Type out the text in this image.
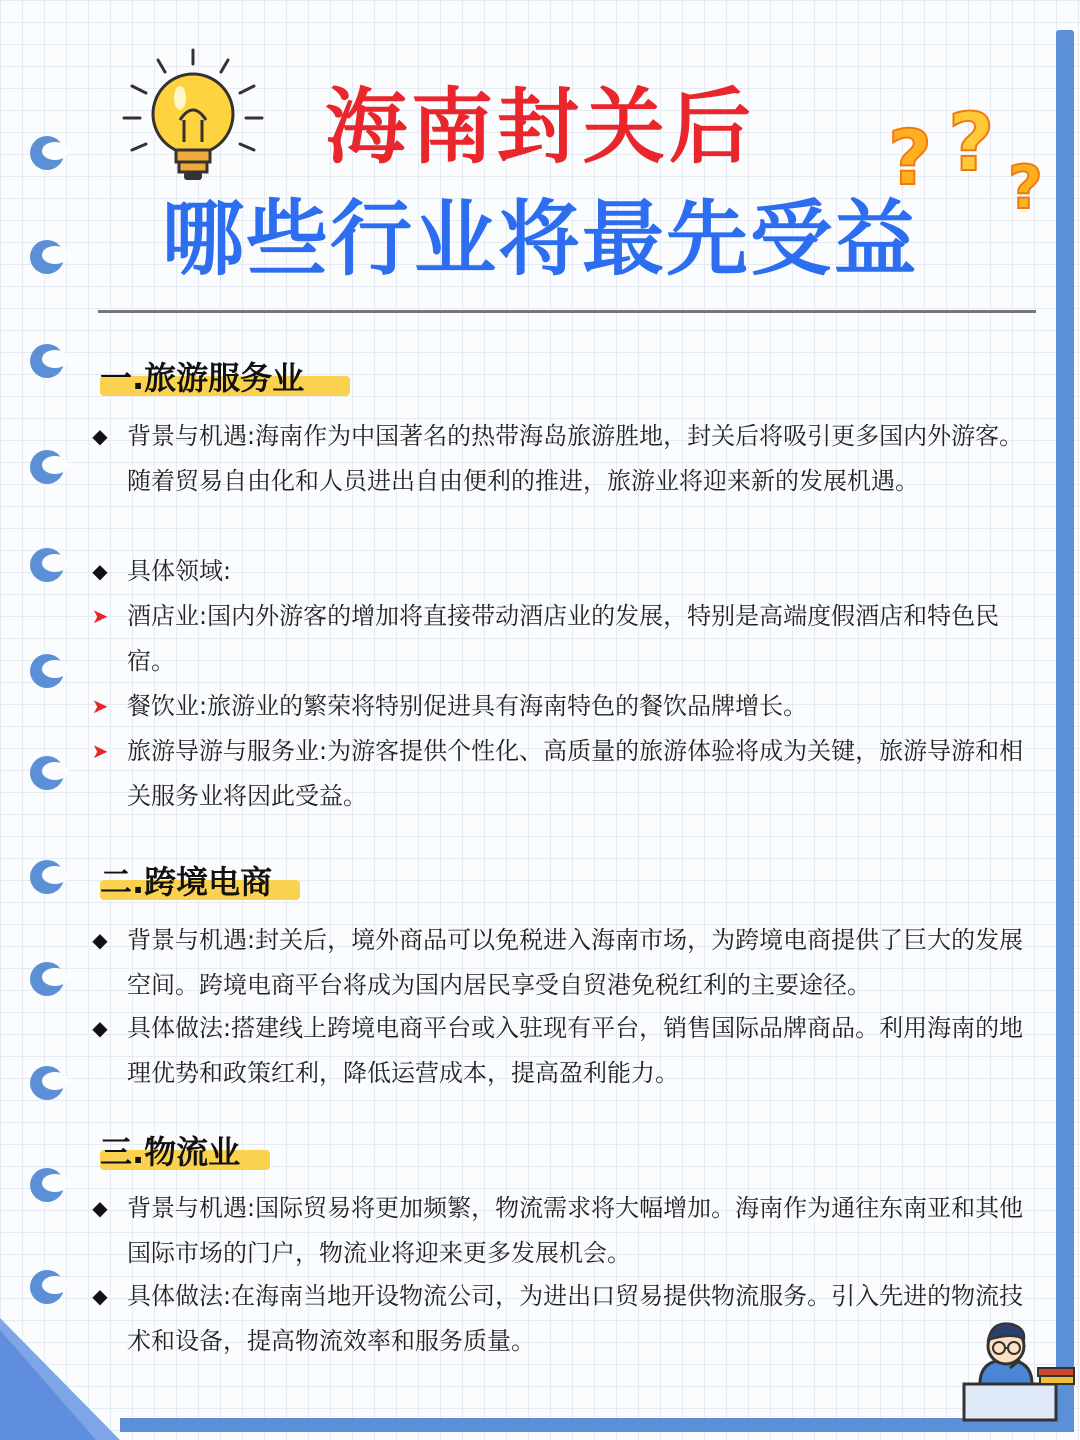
? ? ?
海南封关后
哪些行业将最先受益
一.旅游服务业
◆ 背景与机遇:海南作为中国著名的热带海岛旅游胜地，封关后将吸引更多国内外游客。随着贸易自由化和人员进出自由便利的推进，旅游业将迎来新的发展机遇。
◆ 具体领域:
➤ 酒店业:国内外游客的增加将直接带动酒店业的发展，特别是高端度假酒店和特色民宿。
➤ 餐饮业:旅游业的繁荣将特别促进具有海南特色的餐饮品牌增长。
➤ 旅游导游与服务业:为游客提供个性化、高质量的旅游体验将成为关键，旅游导游和相关服务业将因此受益。
二.跨境电商
◆ 背景与机遇:封关后，境外商品可以免税进入海南市场，为跨境电商提供了巨大的发展空间。跨境电商平台将成为国内居民享受自贸港免税红利的主要途径。
◆ 具体做法:搭建线上跨境电商平台或入驻现有平台，销售国际品牌商品。利用海南的地理优势和政策红利，降低运营成本，提高盈利能力。
三.物流业
◆ 背景与机遇:国际贸易将更加频繁，物流需求将大幅增加。海南作为通往东南亚和其他国际市场的门户，物流业将迎来更多发展机会。
◆ 具体做法:在海南当地开设物流公司，为进出口贸易提供物流服务。引入先进的物流技术和设备，提高物流效率和服务质量。
